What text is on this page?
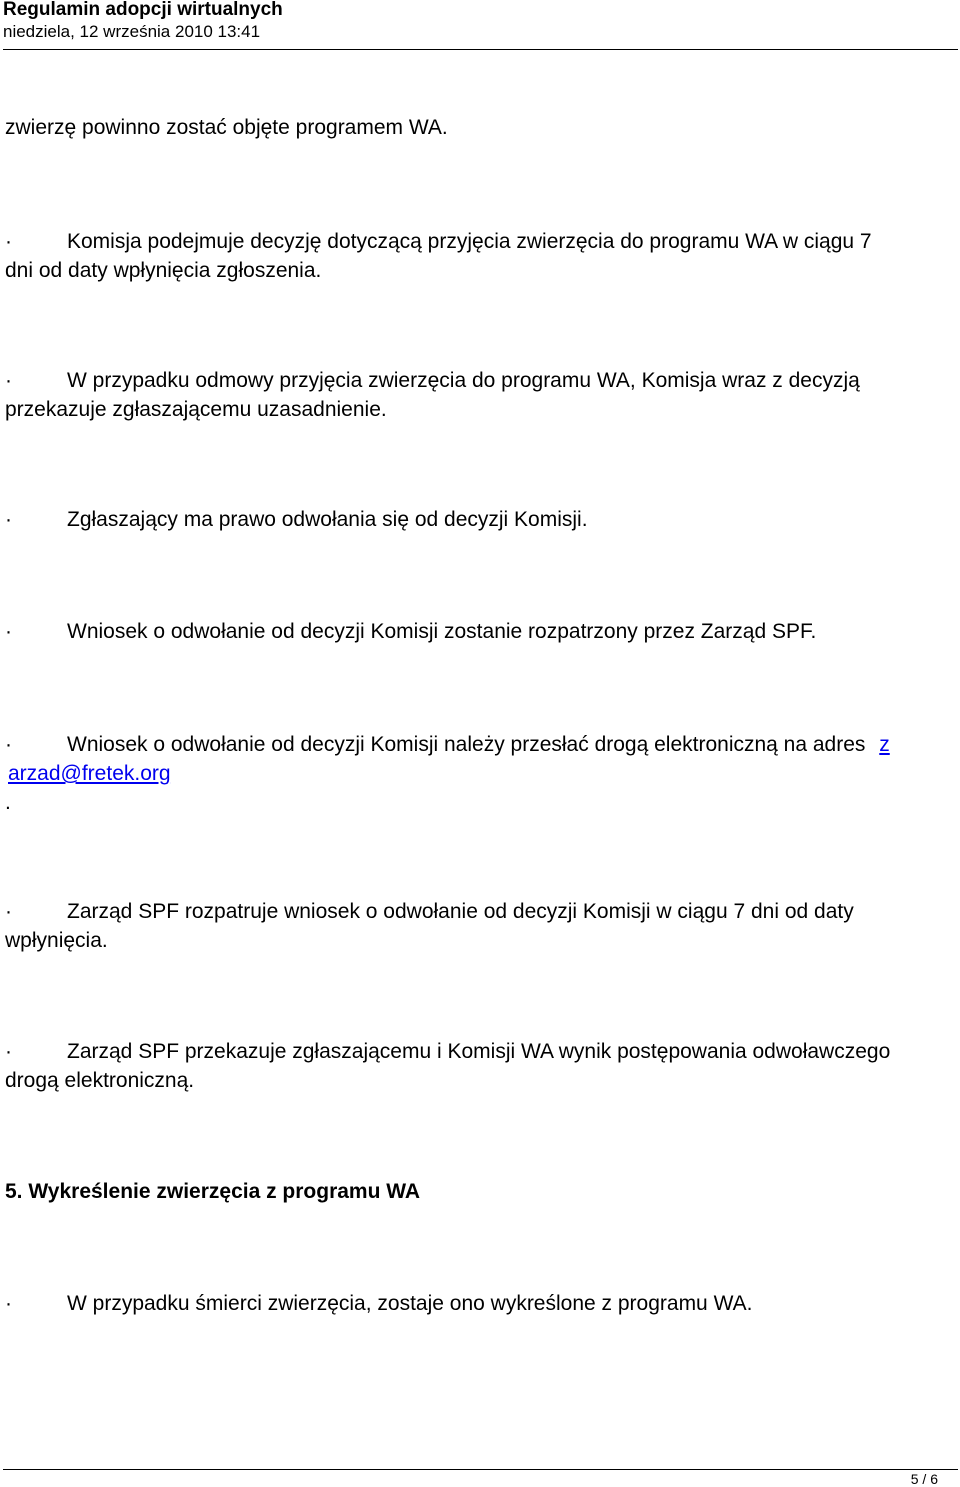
Regulamin adopcji wirtualnych
niedziela, 12 września 2010 13:41
zwierzę powinno zostać objęte programem WA.
·	Komisja podejmuje decyzję dotyczącą przyjęcia zwierzęcia do programu WA w ciągu 7
dni od daty wpłynięcia zgłoszenia.
·	W przypadku odmowy przyjęcia zwierzęcia do programu WA, Komisja wraz z decyzją
przekazuje zgłaszającemu uzasadnienie.
·	Zgłaszający ma prawo odwołania się od decyzji Komisji.
·	Wniosek o odwołanie od decyzji Komisji zostanie rozpatrzony przez Zarząd SPF.
·	Wniosek o odwołanie od decyzji Komisji należy przesłać drogą elektroniczną na adres z
arzad@fretek.org
.
·	Zarząd SPF rozpatruje wniosek o odwołanie od decyzji Komisji w ciągu 7 dni od daty
wpłynięcia.
·	Zarząd SPF przekazuje zgłaszającemu i Komisji WA wynik postępowania odwoławczego
drogą elektroniczną.
5. Wykreślenie zwierzęcia z programu WA
·	W przypadku śmierci zwierzęcia, zostaje ono wykreślone z programu WA.
5 / 6
